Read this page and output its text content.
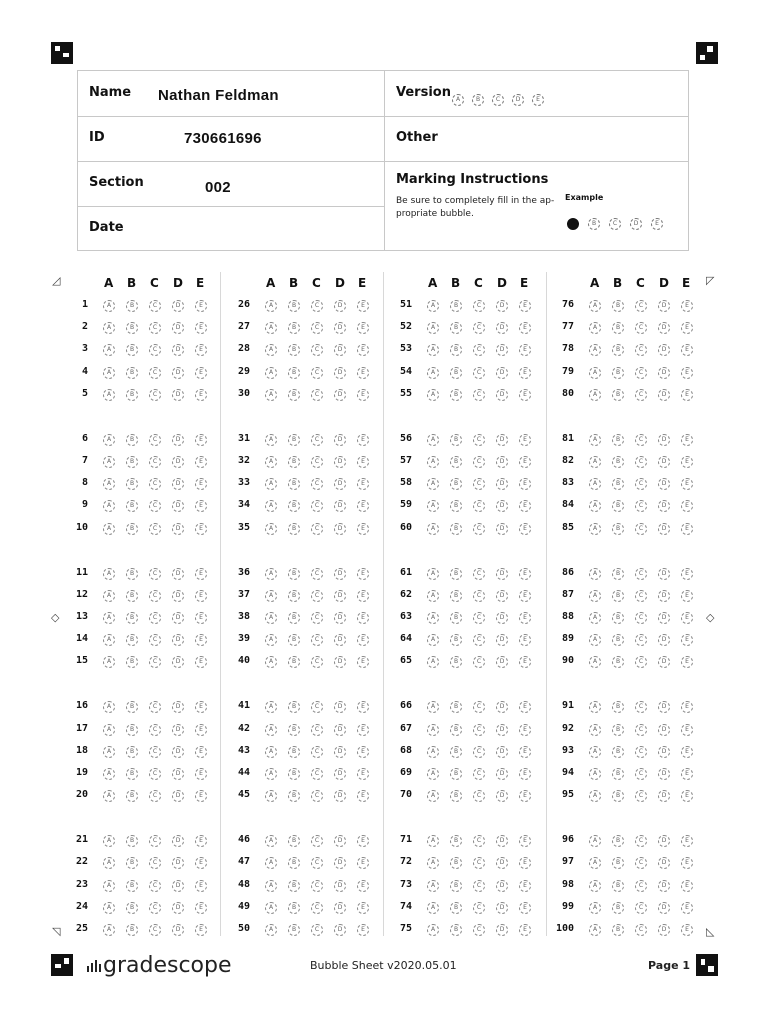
Name Nathan Feldman
ID	730661696
Section	002
Date
Version A	B	C	D	E
Other
Marking Instructions
Be sure to completely fill in the ap-
propriate bubble.
Example
A	B	C	D	E
◿	◸
◹	◺
◇	◇
A B C D E
1	A	B	C	D	E
2	A	B	C	D	E
3	A	B	C	D	E
4	A	B	C	D	E
5	A	B	C	D	E
6	A	B	C	D	E
7	A	B	C	D	E
8	A	B	C	D	E
9	A	B	C	D	E
10	A	B	C	D	E
11	A	B	C	D	E
12	A	B	C	D	E
13	A	B	C	D	E
14	A	B	C	D	E
15	A	B	C	D	E
16	A	B	C	D	E
17	A	B	C	D	E
18	A	B	C	D	E
19	A	B	C	D	E
20	A	B	C	D	E
21	A	B	C	D	E
22	A	B	C	D	E
23	A	B	C	D	E
24	A	B	C	D	E
25	A	B	C	D	E
A B C D E
26	A	B	C	D	E
27	A	B	C	D	E
28	A	B	C	D	E
29	A	B	C	D	E
30	A	B	C	D	E
31	A	B	C	D	E
32	A	B	C	D	E
33	A	B	C	D	E
34	A	B	C	D	E
35	A	B	C	D	E
36	A	B	C	D	E
37	A	B	C	D	E
38	A	B	C	D	E
39	A	B	C	D	E
40	A	B	C	D	E
41	A	B	C	D	E
42	A	B	C	D	E
43	A	B	C	D	E
44	A	B	C	D	E
45	A	B	C	D	E
46	A	B	C	D	E
47	A	B	C	D	E
48	A	B	C	D	E
49	A	B	C	D	E
50	A	B	C	D	E
A B C D E
51	A	B	C	D	E
52	A	B	C	D	E
53	A	B	C	D	E
54	A	B	C	D	E
55	A	B	C	D	E
56	A	B	C	D	E
57	A	B	C	D	E
58	A	B	C	D	E
59	A	B	C	D	E
60	A	B	C	D	E
61	A	B	C	D	E
62	A	B	C	D	E
63	A	B	C	D	E
64	A	B	C	D	E
65	A	B	C	D	E
66	A	B	C	D	E
67	A	B	C	D	E
68	A	B	C	D	E
69	A	B	C	D	E
70	A	B	C	D	E
71	A	B	C	D	E
72	A	B	C	D	E
73	A	B	C	D	E
74	A	B	C	D	E
75	A	B	C	D	E
A B C D E
76	A	B	C	D	E
77	A	B	C	D	E
78	A	B	C	D	E
79	A	B	C	D	E
80	A	B	C	D	E
81	A	B	C	D	E
82	A	B	C	D	E
83	A	B	C	D	E
84	A	B	C	D	E
85	A	B	C	D	E
86	A	B	C	D	E
87	A	B	C	D	E
88	A	B	C	D	E
89	A	B	C	D	E
90	A	B	C	D	E
91	A	B	C	D	E
92	A	B	C	D	E
93	A	B	C	D	E
94	A	B	C	D	E
95	A	B	C	D	E
96	A	B	C	D	E
97	A	B	C	D	E
98	A	B	C	D	E
99	A	B	C	D	E
100	A	B	C	D	E
gradescope	Bubble Sheet v2020.05.01	Page 1
